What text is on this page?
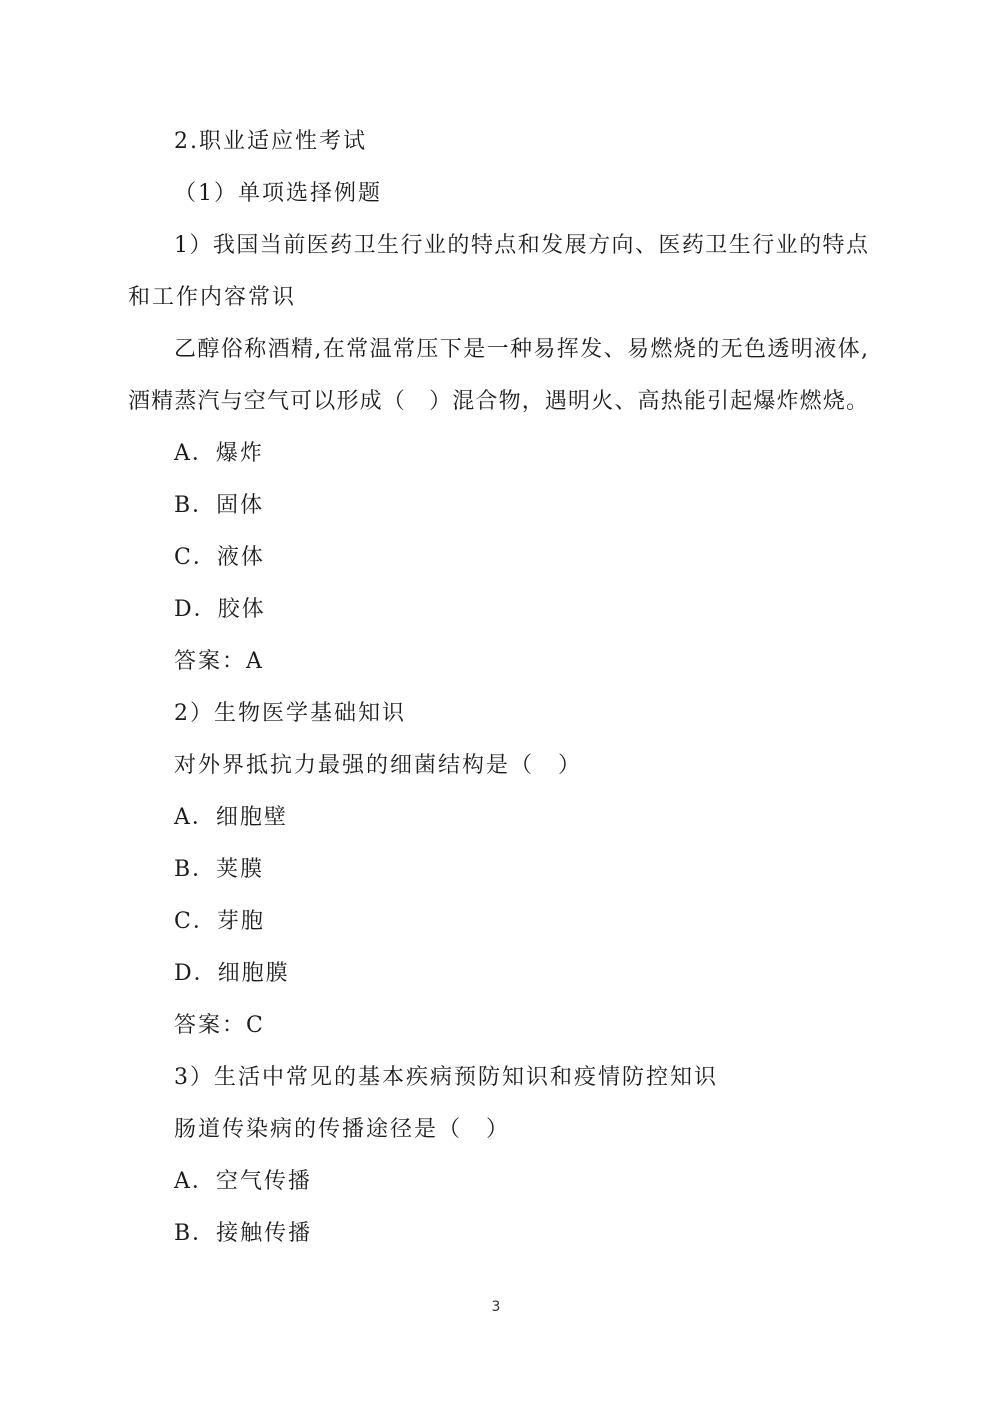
2.职业适应性考试
（1）单项选择例题
1）我国当前医药卫生行业的特点和发展方向、医药卫生行业的特点
和工作内容常识
乙醇俗称酒精,在常温常压下是一种易挥发、易燃烧的无色透明液体,
酒精蒸汽与空气可以形成（　）混合物，遇明火、高热能引起爆炸燃烧。
A．爆炸
B．固体
C．液体
D．胶体
答案：A
2）生物医学基础知识
对外界抵抗力最强的细菌结构是（　）
A．细胞壁
B．荚膜
C．芽胞
D．细胞膜
答案：C
3）生活中常见的基本疾病预防知识和疫情防控知识
肠道传染病的传播途径是（　）
A．空气传播
B．接触传播
3
